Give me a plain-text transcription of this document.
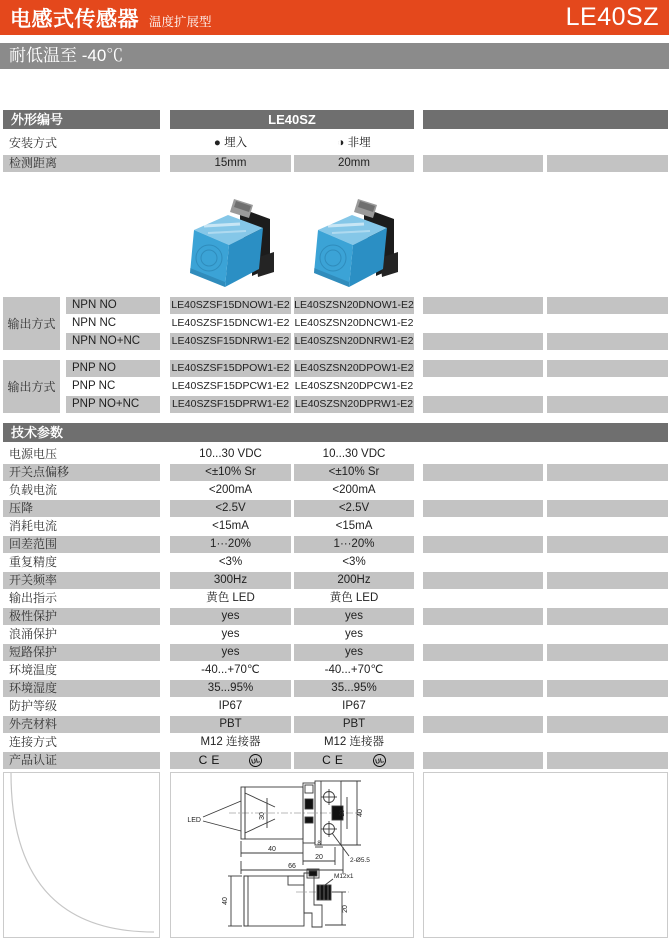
电感式传感器 温度扩展型	LE40SZ
耐低温至 -40℃
外形编号	LE40SZ
安装方式	● 埋入	◑ 非埋
检测距离	15mm	20mm
输出方式
NPN NO	LE40SZSF15DNOW1-E2 LE40SZSN20DNOW1-E2
NPN NC	LE40SZSF15DNCW1-E2 LE40SZSN20DNCW1-E2
NPN NO+NC	LE40SZSF15DNRW1-E2 LE40SZSN20DNRW1-E2
输出方式
PNP NO	LE40SZSF15DPOW1-E2 LE40SZSN20DPOW1-E2
PNP NC	LE40SZSF15DPCW1-E2 LE40SZSN20DPCW1-E2
PNP NO+NC	LE40SZSF15DPRW1-E2 LE40SZSN20DPRW1-E2
技术参数
电源电压	10...30 VDC	10...30 VDC
开关点偏移	<±10% Sr	<±10% Sr
负载电流	<200mA	<200mA
压降	<2.5V	<2.5V
消耗电流	<15mA	<15mA
回差范围	1···20%	1···20%
重复精度	<3%	<3%
开关频率	300Hz	200Hz
输出指示	黄色 LED	黄色 LED
极性保护	yes	yes
浪涌保护	yes	yes
短路保护	yes	yes
环境温度	-40...+70℃	-40...+70℃
环境湿度	35...95%	35...95%
防护等级	IP67	IP67
外壳材料	PBT	PBT
连接方式	M12 连接器	M12 连接器
产品认证	CE	UL	CE	UL
LED
30
40
8
20
66
20 40
2-Ø5.5
40
M12x1
20
